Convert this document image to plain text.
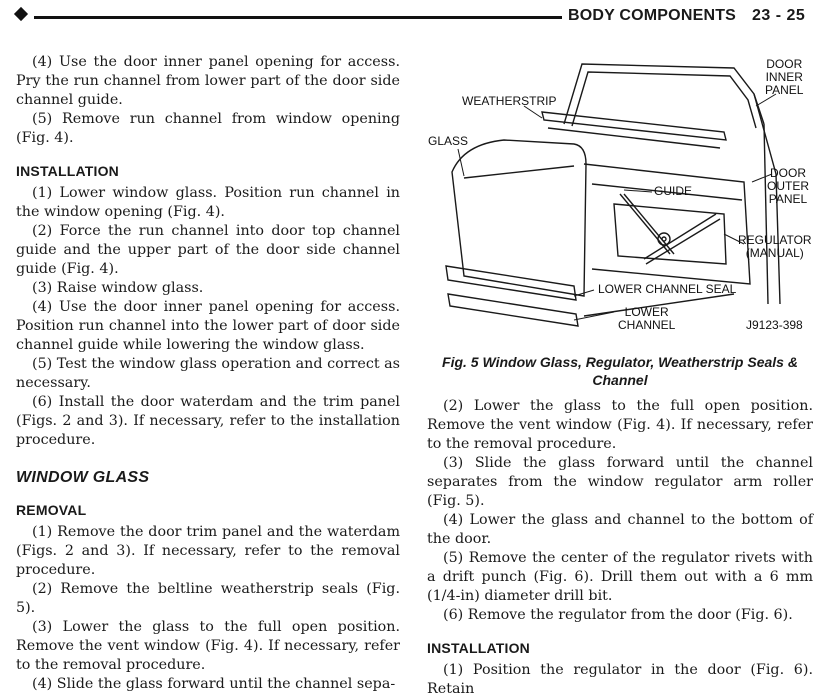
BODY COMPONENTS 23 - 25

(4) Use the door inner panel opening for access. Pry the run channel from lower part of the door side channel guide.

(5) Remove run channel from window opening (Fig. 4).

INSTALLATION

(1) Lower window glass. Position run channel in the window opening (Fig. 4).

(2) Force the run channel into door top channel guide and the upper part of the door side channel guide (Fig. 4).

(3) Raise window glass.

(4) Use the door inner panel opening for access. Position run channel into the lower part of door side channel guide while lowering the window glass.

(5) Test the window glass operation and correct as necessary.

(6) Install the door waterdam and the trim panel (Figs. 2 and 3). If necessary, refer to the installation procedure.

WINDOW GLASS

REMOVAL

(1) Remove the door trim panel and the waterdam (Figs. 2 and 3). If necessary, refer to the removal procedure.

(2) Remove the beltline weatherstrip seals (Fig. 5).

(3) Lower the glass to the full open position. Remove the vent window (Fig. 4). If necessary, refer to the removal procedure.

(4) Slide the glass forward until the channel sepa-

DOOR
INNER
PANEL
WEATHERSTRIP
GLASS
DOOR
OUTER
PANEL
GUIDE
REGULATOR
(MANUAL)
LOWER CHANNEL SEAL
LOWER
CHANNEL	J9123-398
Fig. 5 Window Glass, Regulator, Weatherstrip Seals & Channel

(2) Lower the glass to the full open position. Remove the vent window (Fig. 4). If necessary, refer to the removal procedure.

(3) Slide the glass forward until the channel separates from the window regulator arm roller (Fig. 5).

(4) Lower the glass and channel to the bottom of the door.

(5) Remove the center of the regulator rivets with a drift punch (Fig. 6). Drill them out with a 6 mm (1/4-in) diameter drill bit.

(6) Remove the regulator from the door (Fig. 6).

INSTALLATION

(1) Position the regulator in the door (Fig. 6). Retain
